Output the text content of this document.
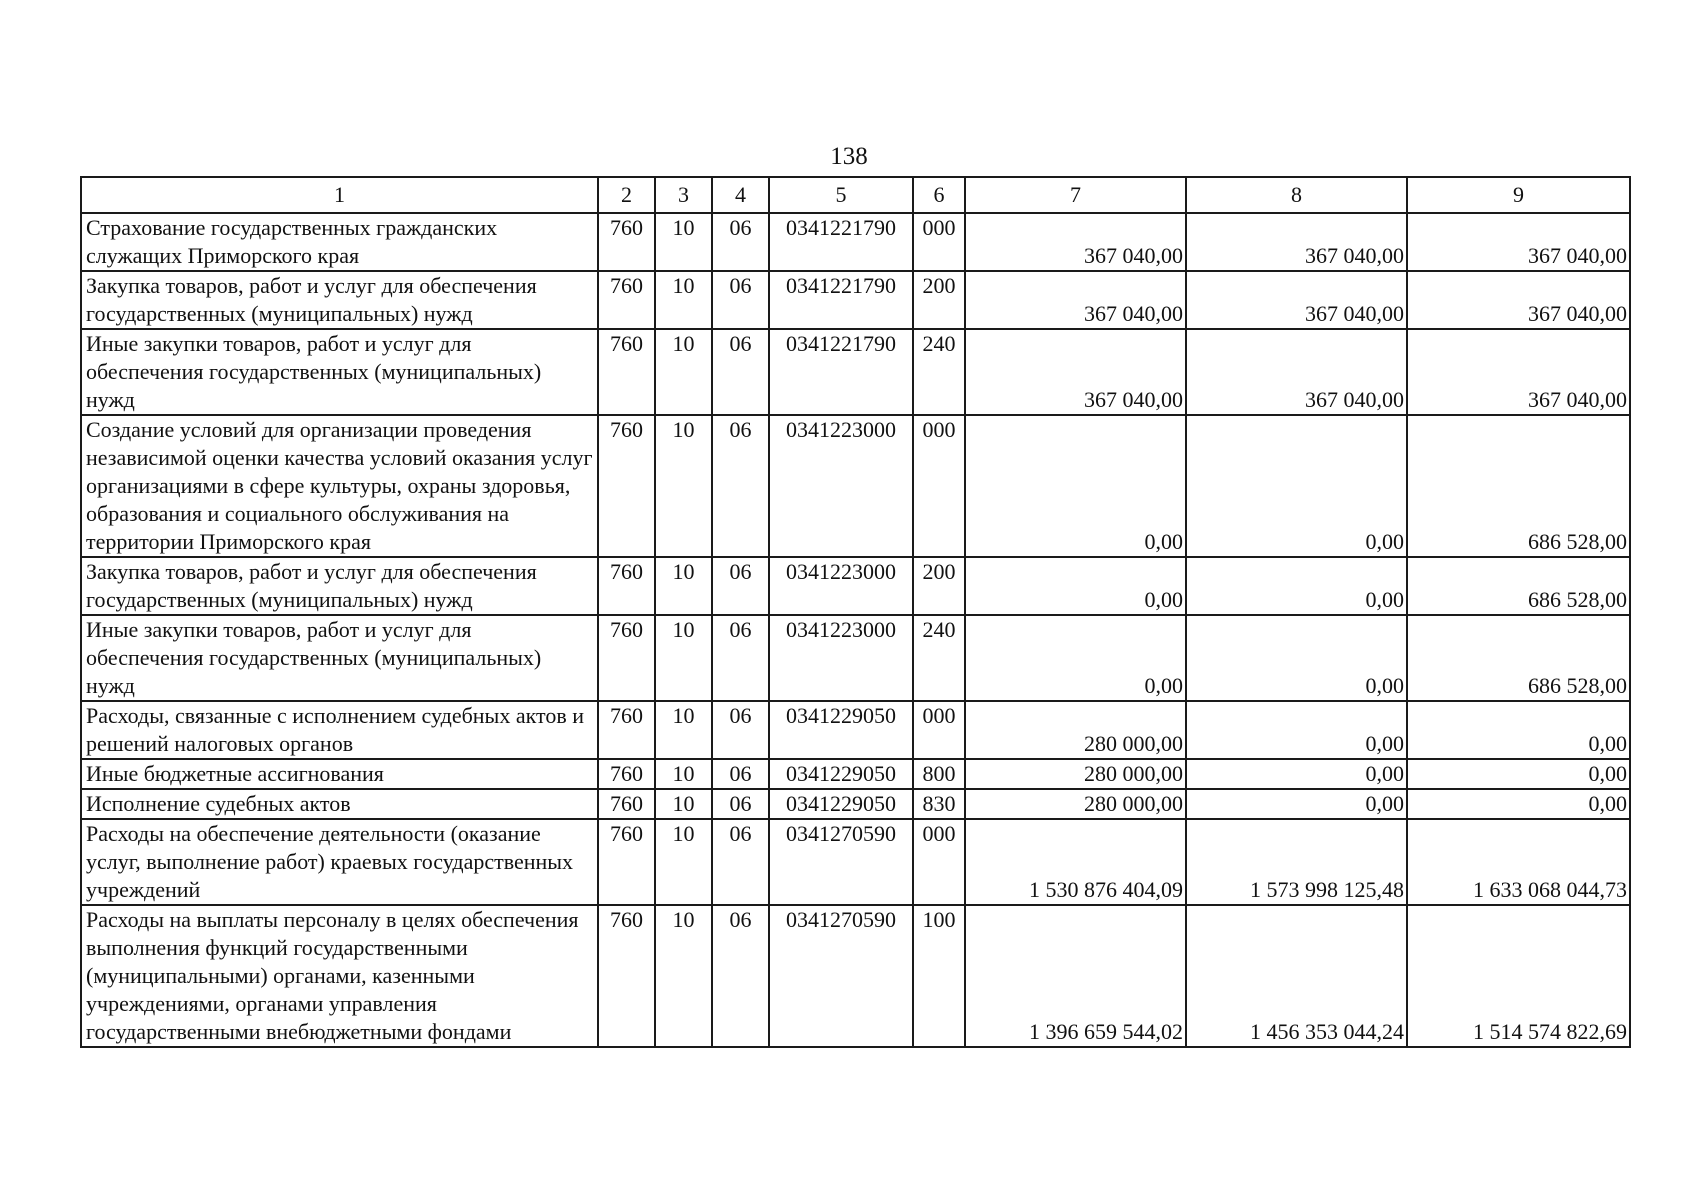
138
1	2	3	4	5	6	7	8	9
Страхование государственных гражданских служащих Приморского края	760	10	06	0341221790	000	367 040,00	367 040,00	367 040,00
Закупка товаров, работ и услуг для обеспечения государственных (муниципальных) нужд	760	10	06	0341221790	200	367 040,00	367 040,00	367 040,00
Иные закупки товаров, работ и услуг для обеспечения государственных (муниципальных) нужд	760	10	06	0341221790	240	367 040,00	367 040,00	367 040,00
Создание условий для организации проведения независимой оценки качества условий оказания услуг организациями в сфере культуры, охраны здоровья, образования и социального обслуживания на территории Приморского края	760	10	06	0341223000	000	0,00	0,00	686 528,00
Закупка товаров, работ и услуг для обеспечения государственных (муниципальных) нужд	760	10	06	0341223000	200	0,00	0,00	686 528,00
Иные закупки товаров, работ и услуг для обеспечения государственных (муниципальных) нужд	760	10	06	0341223000	240	0,00	0,00	686 528,00
Расходы, связанные с исполнением судебных актов и решений налоговых органов	760	10	06	0341229050	000	280 000,00	0,00	0,00
Иные бюджетные ассигнования	760	10	06	0341229050	800	280 000,00	0,00	0,00
Исполнение судебных актов	760	10	06	0341229050	830	280 000,00	0,00	0,00
Расходы на обеспечение деятельности (оказание услуг, выполнение работ) краевых государственных учреждений	760	10	06	0341270590	000	1 530 876 404,09	1 573 998 125,48	1 633 068 044,73
Расходы на выплаты персоналу в целях обеспечения выполнения функций государственными (муниципальными) органами, казенными учреждениями, органами управления государственными внебюджетными фондами	760	10	06	0341270590	100	1 396 659 544,02	1 456 353 044,24	1 514 574 822,69
